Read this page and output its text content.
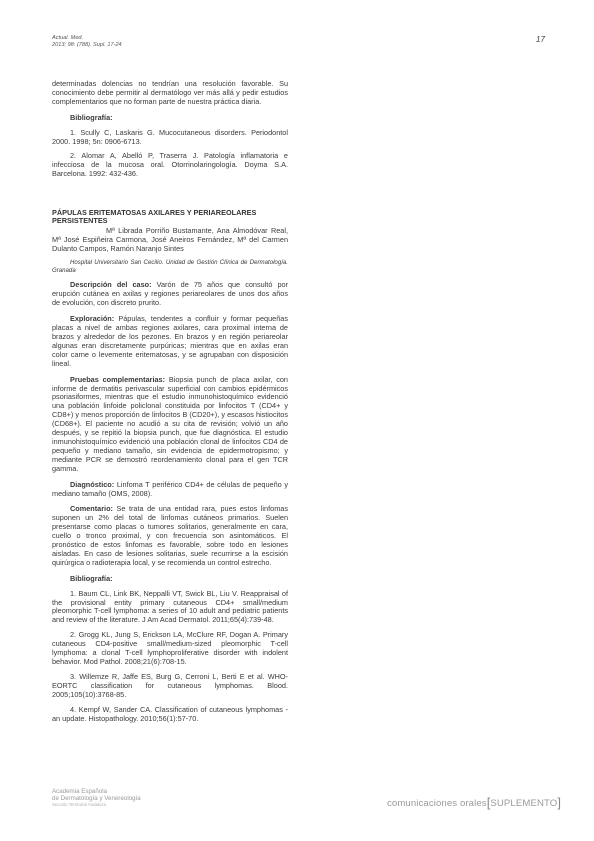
Actual. Med.
2013; 98: (788). Supl. 17-24
17

determinadas dolencias no tendrían una resolución favorable. Su conocimiento debe permitir al dermatólogo ver más allá y pedir estudios complementarios que no forman parte de nuestra práctica diaria.

Bibliografía:

1. Scully C, Laskaris G. Mucocutaneous disorders. Periodontol 2000. 1998; 5n: 0906-6713.

2. Alomar A, Abelló P, Traserra J. Patología inflamatoria e infecciosa de la mucosa oral. Otorrinolaringología. Doyma S.A. Barcelona. 1992: 432-436.

PÁPULAS ERITEMATOSAS AXILARES Y PERIAREOLARES PERSISTENTES

Mª Librada Porriño Bustamante, Ana Almodóvar Real, Mª José Espiñeira Carmona, José Aneiros Fernández, Mª del Carmen Dulanto Campos, Ramón Naranjo Sintes

Hospital Universitario San Cecilio. Unidad de Gestión Clínica de Dermatología. Granada

Descripción del caso: Varón de 75 años que consultó por erupción cutánea en axilas y regiones periareolares de unos dos años de evolución, con discreto prurito.

Exploración: Pápulas, tendentes a confluir y formar pequeñas placas a nivel de ambas regiones axilares, cara proximal interna de brazos y alrededor de los pezones. En brazos y en región periareolar algunas eran discretamente purpúricas; mientras que en axilas eran color carne o levemente eritematosas, y se agrupaban con disposición lineal.

Pruebas complementarias: Biopsia punch de placa axilar, con informe de dermatitis perivascular superficial con cambios epidérmicos psoriasiformes, mientras que el estudio inmunohistoquímico evidenció una población linfoide policlonal constituida por linfocitos T (CD4+ y CD8+) y menos proporción de linfocitos B (CD20+), y escasos histiocitos (CD68+). El paciente no acudió a su cita de revisión; volvió un año después, y se repitió la biopsia punch, que fue diagnóstica. El estudio inmunohistoquímico evidenció una población clonal de linfocitos CD4 de pequeño y mediano tamaño, sin evidencia de epidermotropismo; y mediante PCR se demostró reordenamiento clonal para el gen TCR gamma.

Diagnóstico: Linfoma T periférico CD4+ de células de pequeño y mediano tamaño (OMS, 2008).

Comentario: Se trata de una entidad rara, pues estos linfomas suponen un 2% del total de linfomas cutáneos primarios. Suelen presentarse como placas o tumores solitarios, generalmente en cara, cuello o tronco proximal, y con frecuencia son asintomáticos. El pronóstico de estos linfomas es favorable, sobre todo en lesiones aisladas. En caso de lesiones solitarias, suele recurrirse a la escisión quirúrgica o radioterapia local, y se recomienda un control estrecho.

Bibliografía:

1. Baum CL, Link BK, Neppalli VT, Swick BL, Liu V. Reappraisal of the provisional entity primary cutaneous CD4+ small/medium pleomorphic T-cell lymphoma: a series of 10 adult and pediatric patients and review of the literature. J Am Acad Dermatol. 2011;65(4):739-48.

2. Grogg KL, Jung S, Erickson LA, McClure RF, Dogan A. Primary cutaneous CD4-positive small/medium-sized pleomorphic T-cell lymphoma: a clonal T-cell lymphoproliferative disorder with indolent behavior. Mod Pathol. 2008;21(6):708-15.

3. Willemze R, Jaffe ES, Burg G, Cerroni L, Berti E et al. WHO-EORTC classification for cutaneous lymphomas. Blood. 2005;105(10):3768-85.

4. Kempf W, Sander CA. Classification of cutaneous lymphomas - an update. Histopathology. 2010;56(1):57-70.

Academia Española
de Dermatología y Venereología
Sección Territorial Andaluza	comunicaciones orales[SUPLEMENTO]
